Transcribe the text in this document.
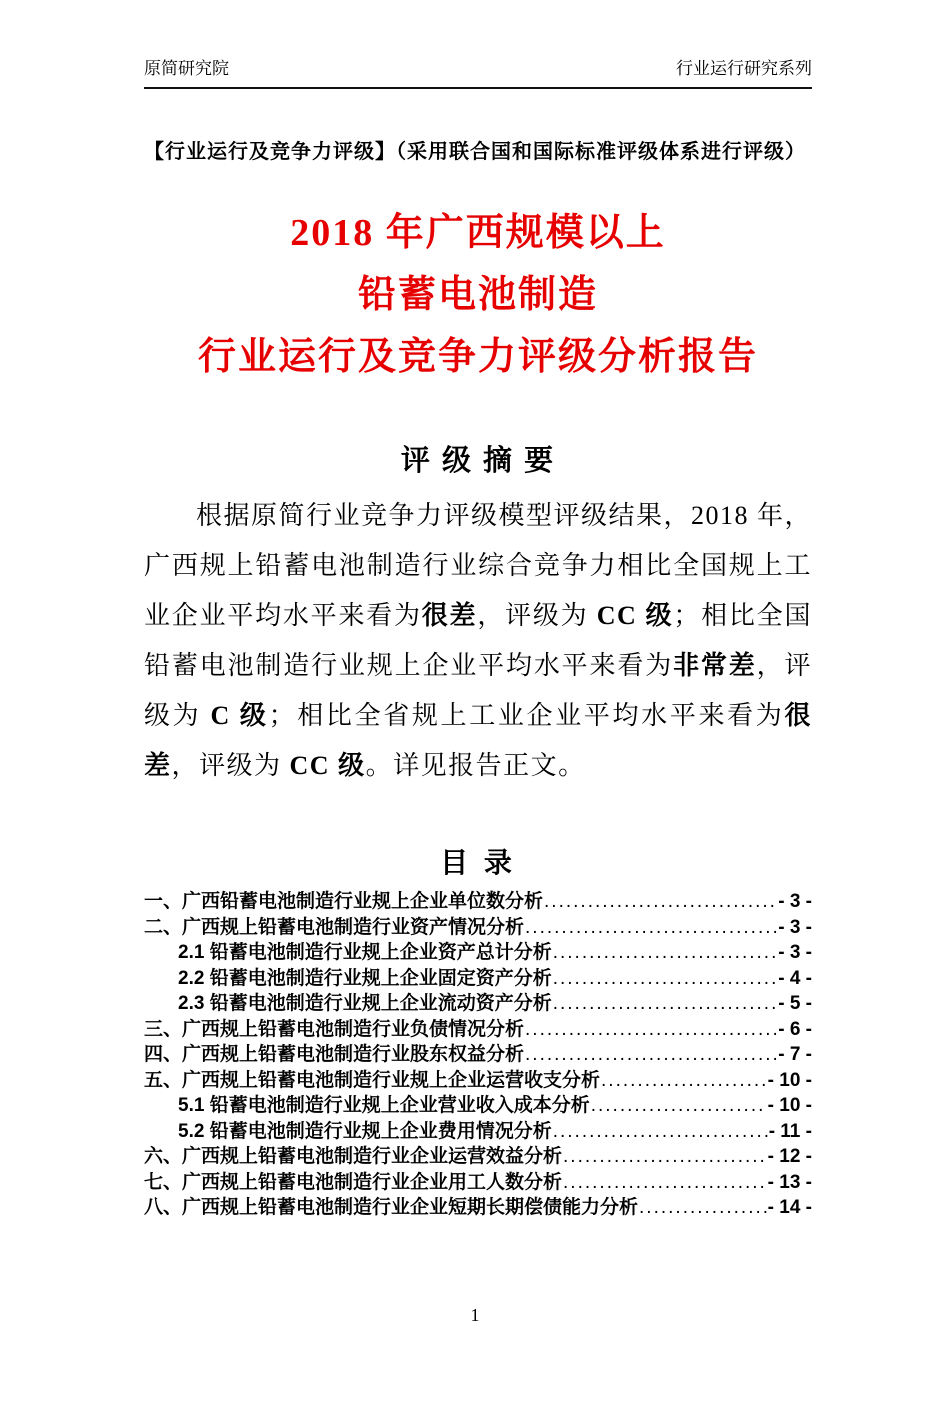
原简研究院	行业运行研究系列
【行业运行及竞争力评级】（采用联合国和国际标准评级体系进行评级）
2018 年广西规模以上
铅蓄电池制造
行业运行及竞争力评级分析报告
评 级 摘 要

根据原简行业竞争力评级模型评级结果，2018 年，广西规上铅蓄电池制造行业综合竞争力相比全国规上工业企业平均水平来看为很差，评级为 CC 级；相比全国铅蓄电池制造行业规上企业平均水平来看为非常差，评级为 C 级；相比全省规上工业企业平均水平来看为很差，评级为 CC 级。详见报告正文。

目 录
一、广西铅蓄电池制造行业规上企业单位数分析 .....	- 3 -
二、广西规上铅蓄电池制造行业资产情况分析 .....	- 3 -
2.1 铅蓄电池制造行业规上企业资产总计分析 .....	- 3 -
2.2 铅蓄电池制造行业规上企业固定资产分析 .....	- 4 -
2.3 铅蓄电池制造行业规上企业流动资产分析 .....	- 5 -
三、广西规上铅蓄电池制造行业负债情况分析 .....	- 6 -
四、广西规上铅蓄电池制造行业股东权益分析 .....	- 7 -
五、广西规上铅蓄电池制造行业规上企业运营收支分析 .....	- 10 -
5.1 铅蓄电池制造行业规上企业营业收入成本分析 .....	- 10 -
5.2 铅蓄电池制造行业规上企业费用情况分析 .....	- 11 -
六、广西规上铅蓄电池制造行业企业运营效益分析 .....	- 12 -
七、广西规上铅蓄电池制造行业企业用工人数分析 .....	- 13 -
八、广西规上铅蓄电池制造行业企业短期长期偿债能力分析 .....	- 14 -
1
